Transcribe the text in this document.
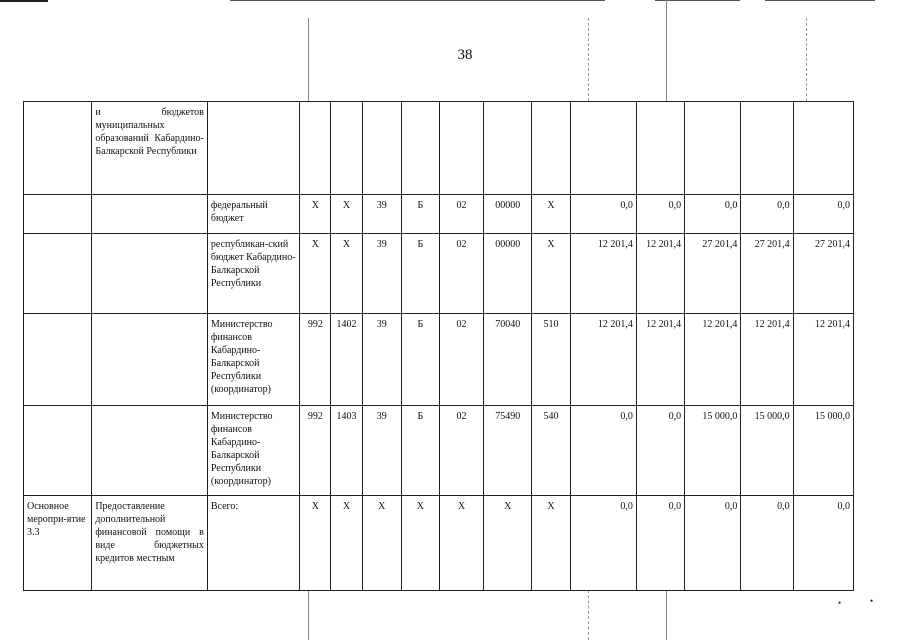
38
	и бюджетов муниципальных образований Кабардино-Балкарской Республики													
		федеральный бюджет	Х	Х	39	Б	02	00000	Х	0,0	0,0	0,0	0,0	0,0
		республикан-ский бюджет Кабардино-Балкарской Республики	Х	Х	39	Б	02	00000	Х	12 201,4	12 201,4	27 201,4	27 201,4	27 201,4
		Министерство финансов Кабардино-Балкарской Республики (координатор)	992	1402	39	Б	02	70040	510	12 201,4	12 201,4	12 201,4	12 201,4	12 201,4
		Министерство финансов Кабардино-Балкарской Республики (координатор)	992	1403	39	Б	02	75490	540	0,0	0,0	15 000,0	15 000,0	15 000,0
Основное меропри-ятие 3.3	Предоставление дополнительной финансовой помощи в виде бюджетных кредитов местным	Всего:	Х	Х	Х	Х	Х	Х	Х	0,0	0,0	0,0	0,0	0,0
•	•
